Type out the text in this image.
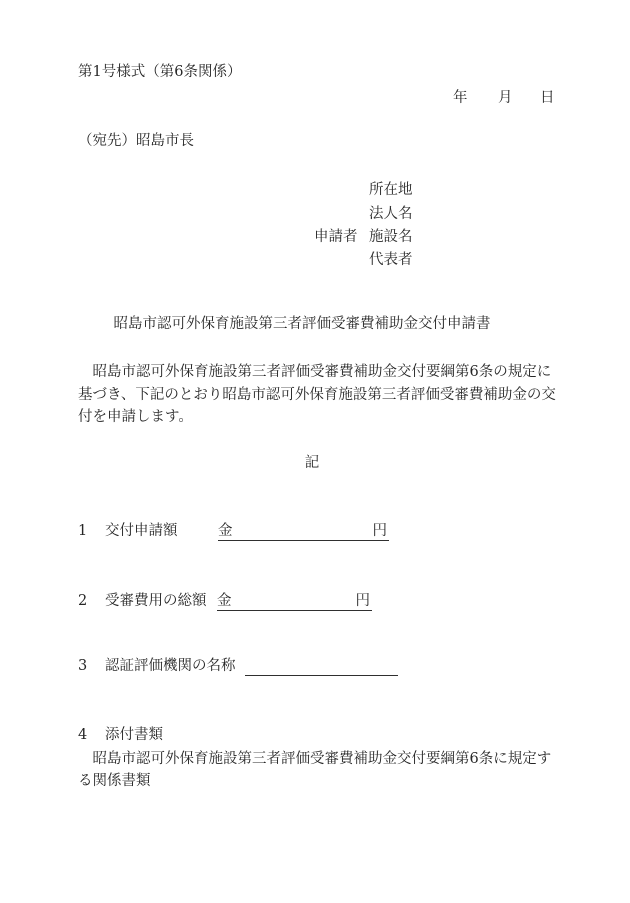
第1号様式（第6条関係）
年 月 日
（宛先）昭島市長
申請者
所在地
法人名
施設名
代表者
昭島市認可外保育施設第三者評価受審費補助金交付申請書
　昭島市認可外保育施設第三者評価受審費補助金交付要綱第6条の規定に基づき、下記のとおり昭島市認可外保育施設第三者評価受審費補助金の交付を申請します。
記
1 交付申請額	金	円
2 受審費用の総額 金	円
3 認証評価機関の名称
4 添付書類
　昭島市認可外保育施設第三者評価受審費補助金交付要綱第6条に規定する関係書類
